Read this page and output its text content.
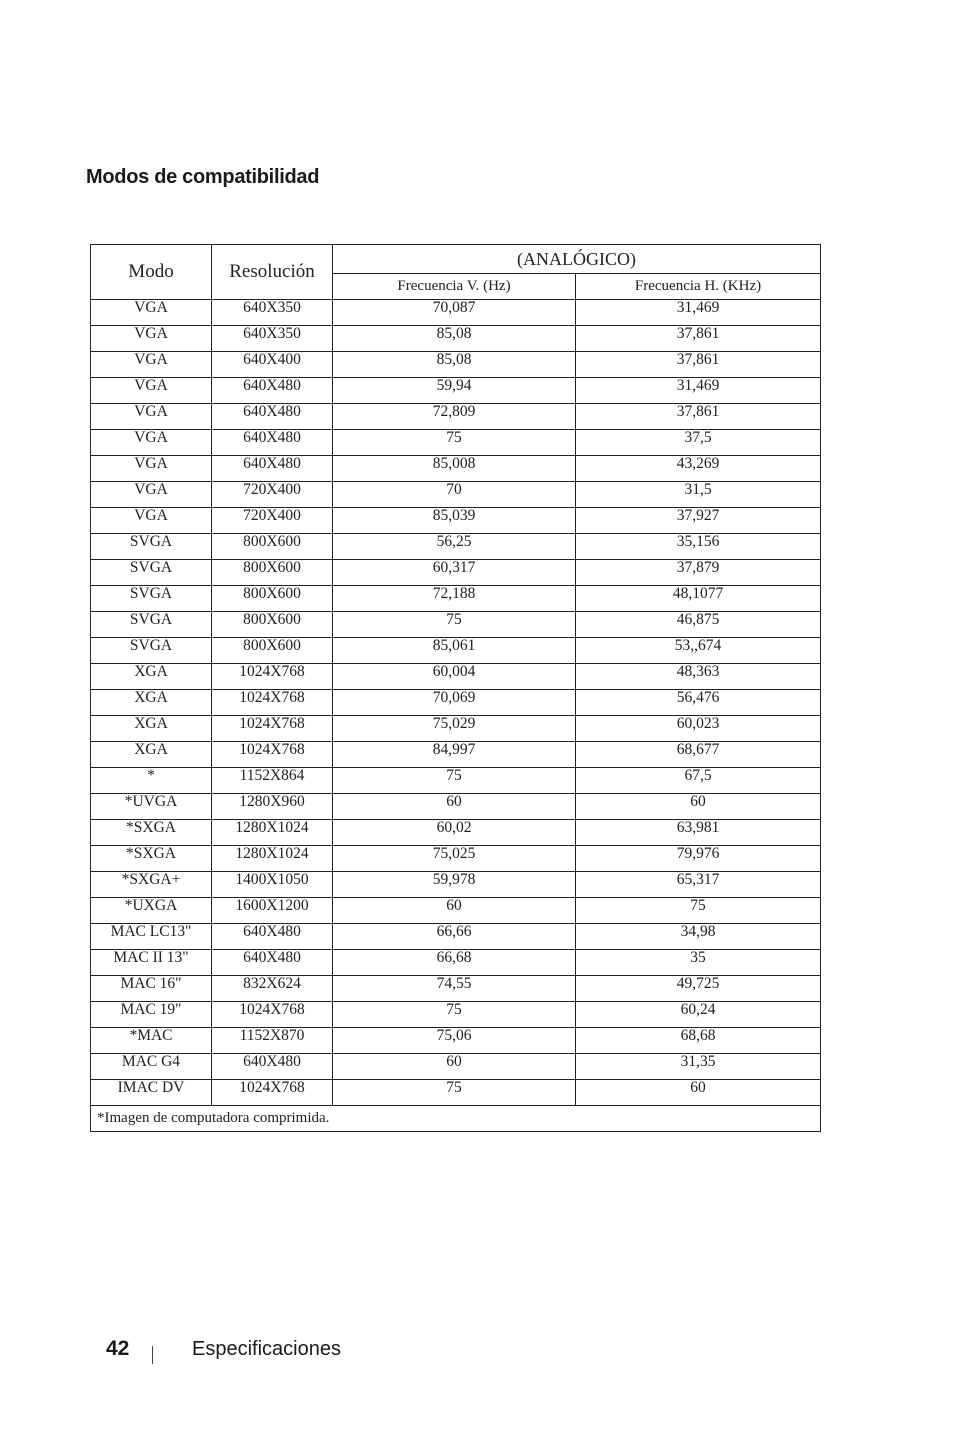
Modos de compatibilidad
Modo	Resolución	(ANALÓGICO)	
		Frecuencia V. (Hz)	Frecuencia H. (KHz)
VGA	640X350	70,087	31,469
VGA	640X350	85,08	37,861
VGA	640X400	85,08	37,861
VGA	640X480	59,94	31,469
VGA	640X480	72,809	37,861
VGA	640X480	75	37,5
VGA	640X480	85,008	43,269
VGA	720X400	70	31,5
VGA	720X400	85,039	37,927
SVGA	800X600	56,25	35,156
SVGA	800X600	60,317	37,879
SVGA	800X600	72,188	48,1077
SVGA	800X600	75	46,875
SVGA	800X600	85,061	53,,674
XGA	1024X768	60,004	48,363
XGA	1024X768	70,069	56,476
XGA	1024X768	75,029	60,023
XGA	1024X768	84,997	68,677
*	1152X864	75	67,5
*UVGA	1280X960	60	60
*SXGA	1280X1024	60,02	63,981
*SXGA	1280X1024	75,025	79,976
*SXGA+	1400X1050	59,978	65,317
*UXGA	1600X1200	60	75
MAC LC13"	640X480	66,66	34,98
MAC II 13"	640X480	66,68	35
MAC 16"	832X624	74,55	49,725
MAC 19"	1024X768	75	60,24
*MAC	1152X870	75,06	68,68
MAC G4	640X480	60	31,35
IMAC DV	1024X768	75	60
*Imagen de computadora comprimida.			
42	Especificaciones
